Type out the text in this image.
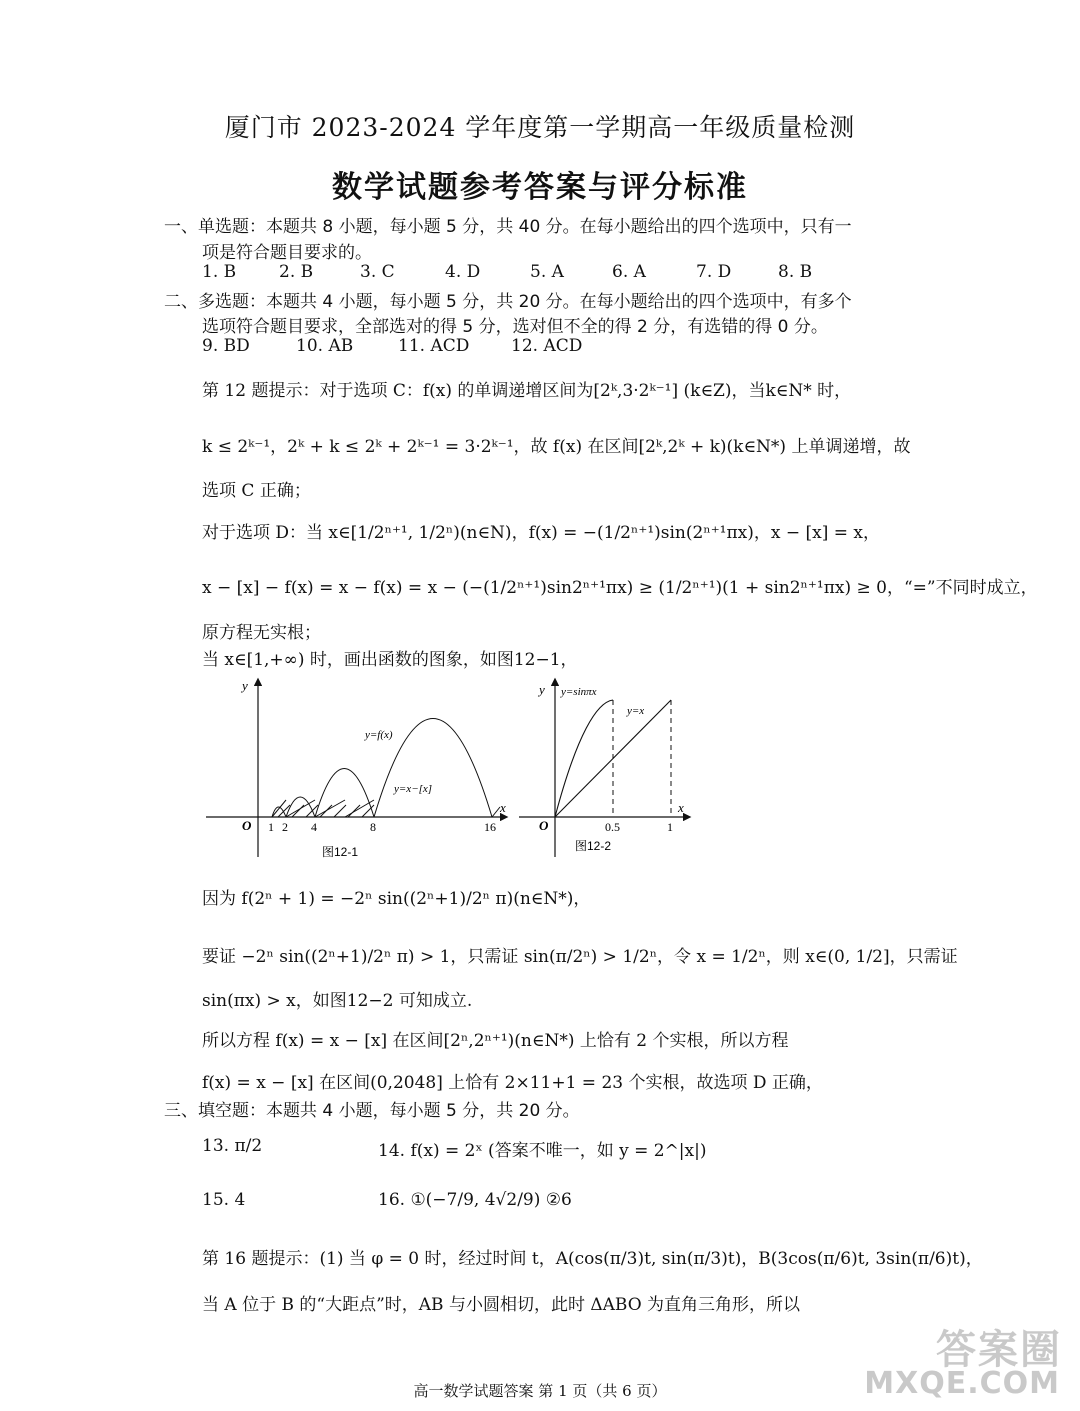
厦门市 2023-2024 学年度第一学期高一年级质量检测
数学试题参考答案与评分标准
一、单选题：本题共 8 小题，每小题 5 分，共 40 分。在每小题给出的四个选项中，只有一
项是符合题目要求的。
1. B	2. B	3. C	4. D	5. A	6. A	7. D	8. B
二、多选题：本题共 4 小题，每小题 5 分，共 20 分。在每小题给出的四个选项中，有多个
选项符合题目要求，全部选对的得 5 分，选对但不全的得 2 分，有选错的得 0 分。
9. BD	10. AB	11. ACD 12. ACD
第 12 题提示：对于选项 C：f(x) 的单调递增区间为[2ᵏ,3·2ᵏ⁻¹] (k∈Z)，当k∈N* 时，
k ≤ 2ᵏ⁻¹，2ᵏ + k ≤ 2ᵏ + 2ᵏ⁻¹ = 3·2ᵏ⁻¹，故 f(x) 在区间[2ᵏ,2ᵏ + k)(k∈N*) 上单调递增，故
选项 C 正确；
对于选项 D：当 x∈[1/2ⁿ⁺¹, 1/2ⁿ)(n∈N)，f(x) = −(1/2ⁿ⁺¹)sin(2ⁿ⁺¹πx)，x − [x] = x，
x − [x] − f(x) = x − f(x) = x − (−(1/2ⁿ⁺¹)sin2ⁿ⁺¹πx) ≥ (1/2ⁿ⁺¹)(1 + sin2ⁿ⁺¹πx) ≥ 0，“=”不同时成立，
原方程无实根；
当 x∈[1,+∞) 时，画出函数的图象，如图12−1，
y
x
O 1 2 4	8	16
y=f(x)
y=x−[x]
图12-1
y
x
O	0.5	1
y=sinπx
y=x
图12-2
因为 f(2ⁿ + 1) = −2ⁿ sin((2ⁿ+1)/2ⁿ π)(n∈N*)，
要证 −2ⁿ sin((2ⁿ+1)/2ⁿ π) > 1，只需证 sin(π/2ⁿ) > 1/2ⁿ，令 x = 1/2ⁿ，则 x∈(0, 1/2]，只需证
sin(πx) > x，如图12−2 可知成立.
所以方程 f(x) = x − [x] 在区间[2ⁿ,2ⁿ⁺¹)(n∈N*) 上恰有 2 个实根，所以方程
f(x) = x − [x] 在区间(0,2048] 上恰有 2×11+1 = 23 个实根，故选项 D 正确，
三、填空题：本题共 4 小题，每小题 5 分，共 20 分。
13. π/2	14. f(x) = 2ˣ (答案不唯一，如 y = 2^|x|)
15. 4	16. ①(−7/9, 4√2/9) ②6
第 16 题提示：(1) 当 φ = 0 时，经过时间 t，A(cos(π/3)t, sin(π/3)t)，B(3cos(π/6)t, 3sin(π/6)t)，
当 A 位于 B 的“大距点”时，AB 与小圆相切，此时 ΔABO 为直角三角形，所以
答案圈
MXQE.COM
高一数学试题答案 第 1 页（共 6 页）
